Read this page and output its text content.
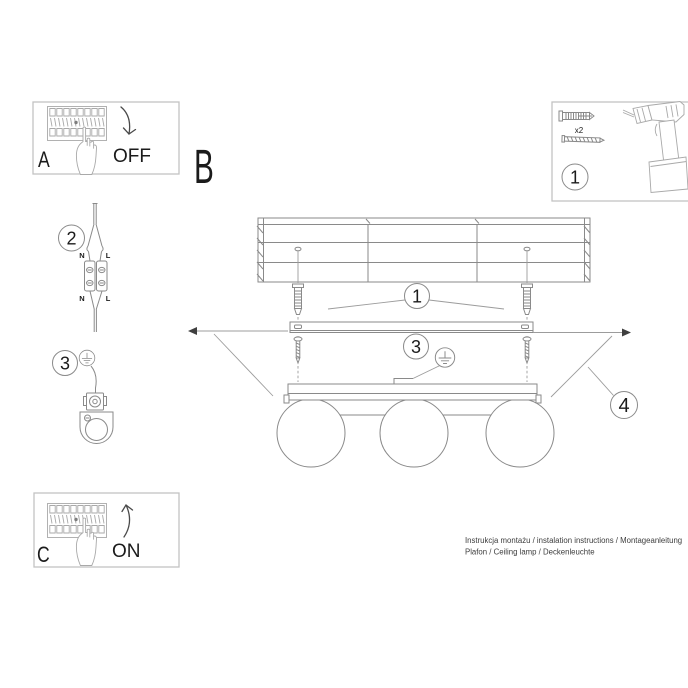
A	OFF B
x2
1
2
N	L
N	L
3
C	ON
1
3
4
Instrukcja montażu / instalation instructions / Montageanleitung
Plafon / Ceiling lamp / Deckenleuchte
